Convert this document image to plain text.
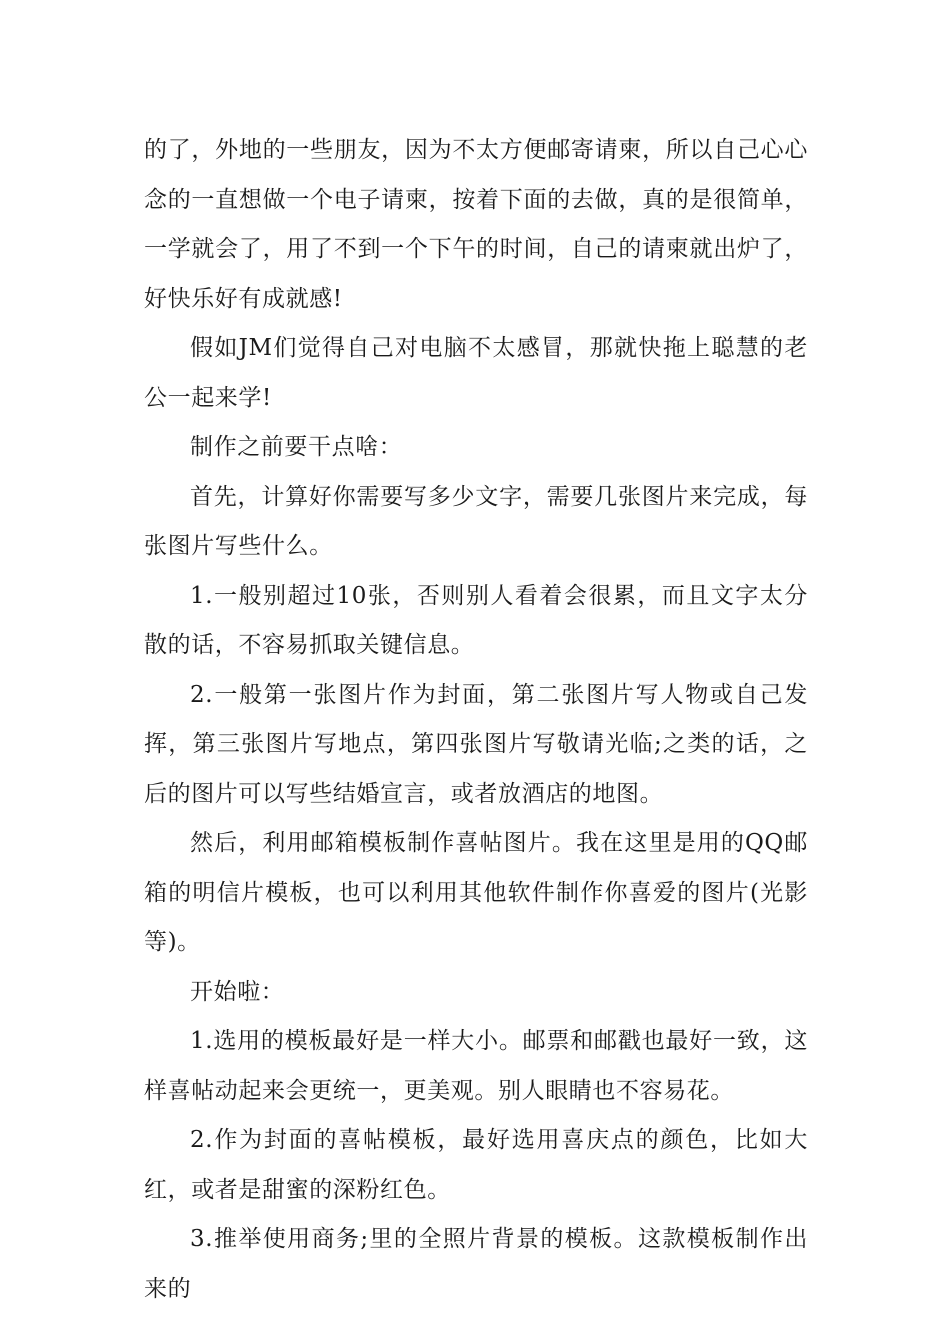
的了，外地的一些朋友，因为不太方便邮寄请柬，所以自己心心念的一直想做一个电子请柬，按着下面的去做，真的是很简单，一学就会了，用了不到一个下午的时间，自己的请柬就出炉了，好快乐好有成就感!

假如JM们觉得自己对电脑不太感冒，那就快拖上聪慧的老公一起来学!

制作之前要干点啥：

首先，计算好你需要写多少文字，需要几张图片来完成，每张图片写些什么。

1.一般别超过10张，否则别人看着会很累，而且文字太分散的话，不容易抓取关键信息。

2.一般第一张图片作为封面，第二张图片写人物或自己发挥，第三张图片写地点，第四张图片写敬请光临;之类的话，之后的图片可以写些结婚宣言，或者放酒店的地图。

然后，利用邮箱模板制作喜帖图片。我在这里是用的QQ邮箱的明信片模板，也可以利用其他软件制作你喜爱的图片(光影等)。

开始啦：

1.选用的模板最好是一样大小。邮票和邮戳也最好一致，这样喜帖动起来会更统一，更美观。别人眼睛也不容易花。

2.作为封面的喜帖模板，最好选用喜庆点的颜色，比如大红，或者是甜蜜的深粉红色。

3.推举使用商务;里的全照片背景的模板。这款模板制作出来的
